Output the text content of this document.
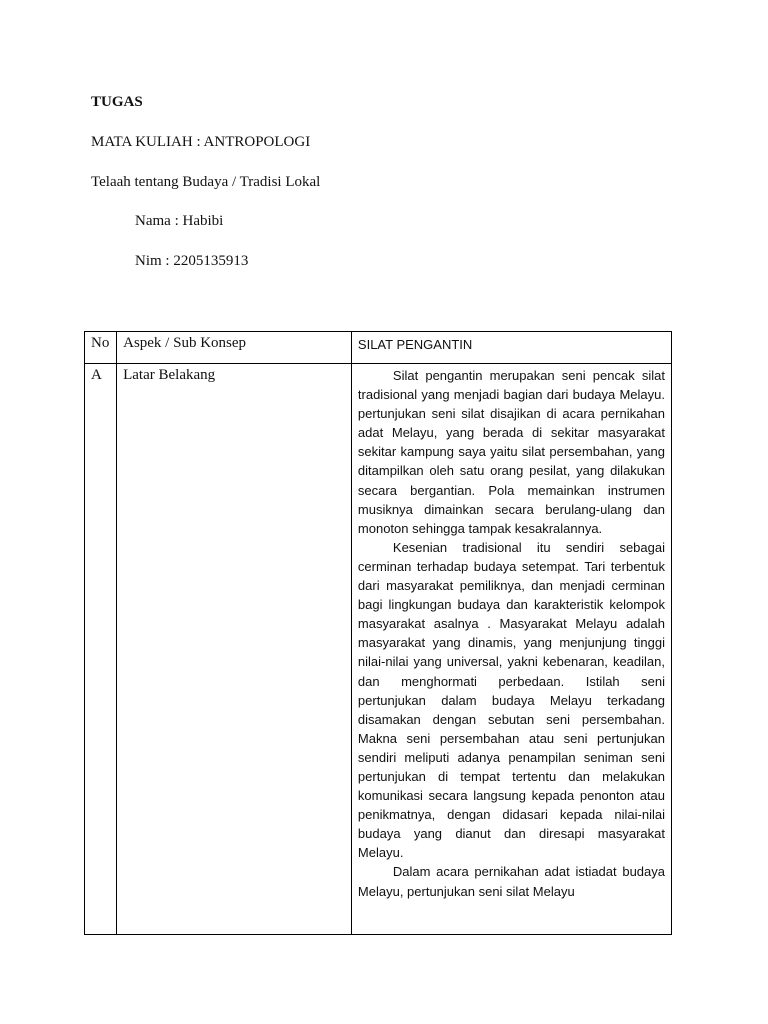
TUGAS
MATA KULIAH : ANTROPOLOGI
Telaah tentang Budaya / Tradisi Lokal
Nama : Habibi
Nim : 2205135913
No	Aspek / Sub Konsep	SILAT PENGANTIN
A	Latar Belakang	Silat pengantin merupakan seni pencak silat tradisional yang menjadi bagian dari budaya Melayu. pertunjukan seni silat disajikan di acara pernikahan adat Melayu, yang berada di sekitar masyarakat sekitar kampung saya yaitu silat persembahan, yang ditampilkan oleh satu orang pesilat, yang dilakukan secara bergantian. Pola memainkan instrumen musiknya dimainkan secara berulang-ulang dan monoton sehingga tampak kesakralannya.

Kesenian tradisional itu sendiri sebagai cerminan terhadap budaya setempat. Tari terbentuk dari masyarakat pemiliknya, dan menjadi cerminan bagi lingkungan budaya dan karakteristik kelompok masyarakat asalnya . Masyarakat Melayu adalah masyarakat yang dinamis, yang menjunjung tinggi nilai-nilai yang universal, yakni kebenaran, keadilan, dan menghormati perbedaan. Istilah seni pertunjukan dalam budaya Melayu terkadang disamakan dengan sebutan seni persembahan. Makna seni persembahan atau seni pertunjukan sendiri meliputi adanya penampilan seniman seni pertunjukan di tempat tertentu dan melakukan komunikasi secara langsung kepada penonton atau penikmatnya, dengan didasari kepada nilai-nilai budaya yang dianut dan diresapi masyarakat Melayu.

Dalam acara pernikahan adat istiadat budaya Melayu, pertunjukan seni silat Melayu
